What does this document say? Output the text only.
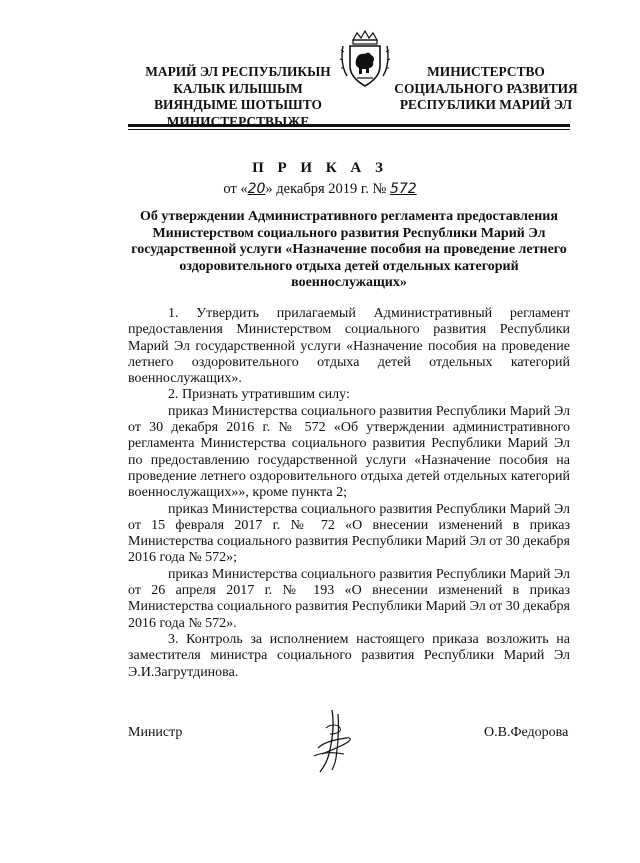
МАРИЙ ЭЛ РЕСПУБЛИКЫН
КАЛЫК ИЛЫШЫМ
ВИЯНДЫМЕ ШОТЫШТО
МИНИСТЕРСТВЫЖЕ
МИНИСТЕРСТВО
СОЦИАЛЬНОГО РАЗВИТИЯ
РЕСПУБЛИКИ МАРИЙ ЭЛ
П Р И К А З
от «20» декабря 2019 г. № 572
Об утверждении Административного регламента предоставления Министерством социального развития Республики Марий Эл государственной услуги «Назначение пособия на проведение летнего оздоровительного отдыха детей отдельных категорий военнослужащих»

1. Утвердить прилагаемый Административный регламент предоставления Министерством социального развития Республики Марий Эл государственной услуги «Назначение пособия на проведение летнего оздоровительного отдыха детей отдельных категорий военнослужащих».

2. Признать утратившим силу:

приказ Министерства социального развития Республики Марий Эл от 30 декабря 2016 г. № 572 «Об утверждении административного регламента Министерства социального развития Республики Марий Эл по предоставлению государственной услуги «Назначение пособия на проведение летнего оздоровительного отдыха детей отдельных категорий военнослужащих»», кроме пункта 2;

приказ Министерства социального развития Республики Марий Эл от 15 февраля 2017 г. № 72 «О внесении изменений в приказ Министерства социального развития Республики Марий Эл от 30 декабря 2016 года № 572»;

приказ Министерства социального развития Республики Марий Эл от 26 апреля 2017 г. № 193 «О внесении изменений в приказ Министерства социального развития Республики Марий Эл от 30 декабря 2016 года № 572».

3. Контроль за исполнением настоящего приказа возложить на заместителя министра социального развития Республики Марий Эл Э.И.Загрутдинова.

Министр	О.В.Федорова
